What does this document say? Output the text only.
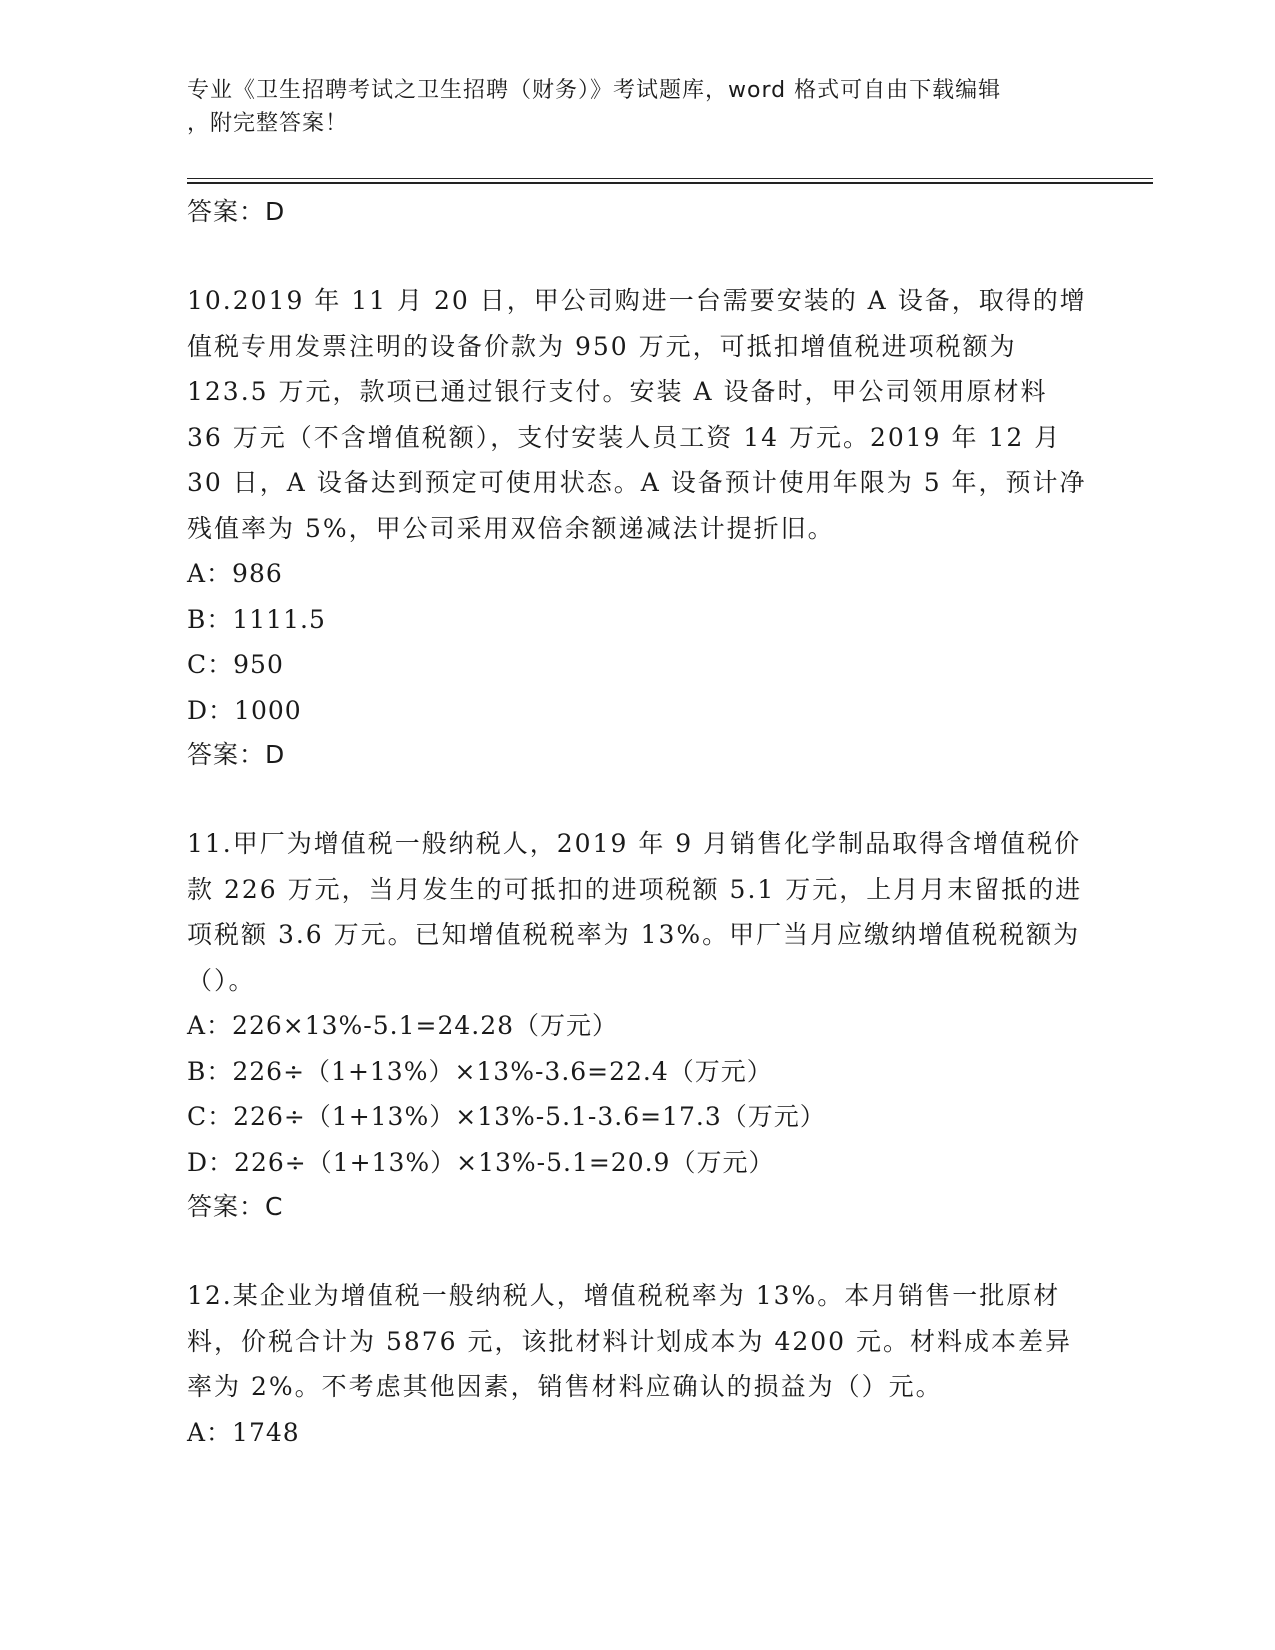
专业《卫生招聘考试之卫生招聘（财务）》考试题库，word 格式可自由下载编辑
，附完整答案！

答案：D

10.2019 年 11 月 20 日，甲公司购进一台需要安装的 A 设备，取得的增值税专用发票注明的设备价款为 950 万元，可抵扣增值税进项税额为 123.5 万元，款项已通过银行支付。安装 A 设备时，甲公司领用原材料 36 万元（不含增值税额），支付安装人员工资 14 万元。2019 年 12 月 30 日，A 设备达到预定可使用状态。A 设备预计使用年限为 5 年，预计净残值率为 5%，甲公司采用双倍余额递减法计提折旧。

A：986

B：1111.5

C：950

D：1000

答案：D

11.甲厂为增值税一般纳税人，2019 年 9 月销售化学制品取得含增值税价款 226 万元，当月发生的可抵扣的进项税额 5.1 万元，上月月末留抵的进项税额 3.6 万元。已知增值税税率为 13%。甲厂当月应缴纳增值税税额为（）。

A：226×13%-5.1=24.28（万元）

B：226÷（1+13%）×13%-3.6=22.4（万元）

C：226÷（1+13%）×13%-5.1-3.6=17.3（万元）

D：226÷（1+13%）×13%-5.1=20.9（万元）

答案：C

12.某企业为增值税一般纳税人，增值税税率为 13%。本月销售一批原材料，价税合计为 5876 元，该批材料计划成本为 4200 元。材料成本差异率为 2%。不考虑其他因素，销售材料应确认的损益为（）元。

A：1748
